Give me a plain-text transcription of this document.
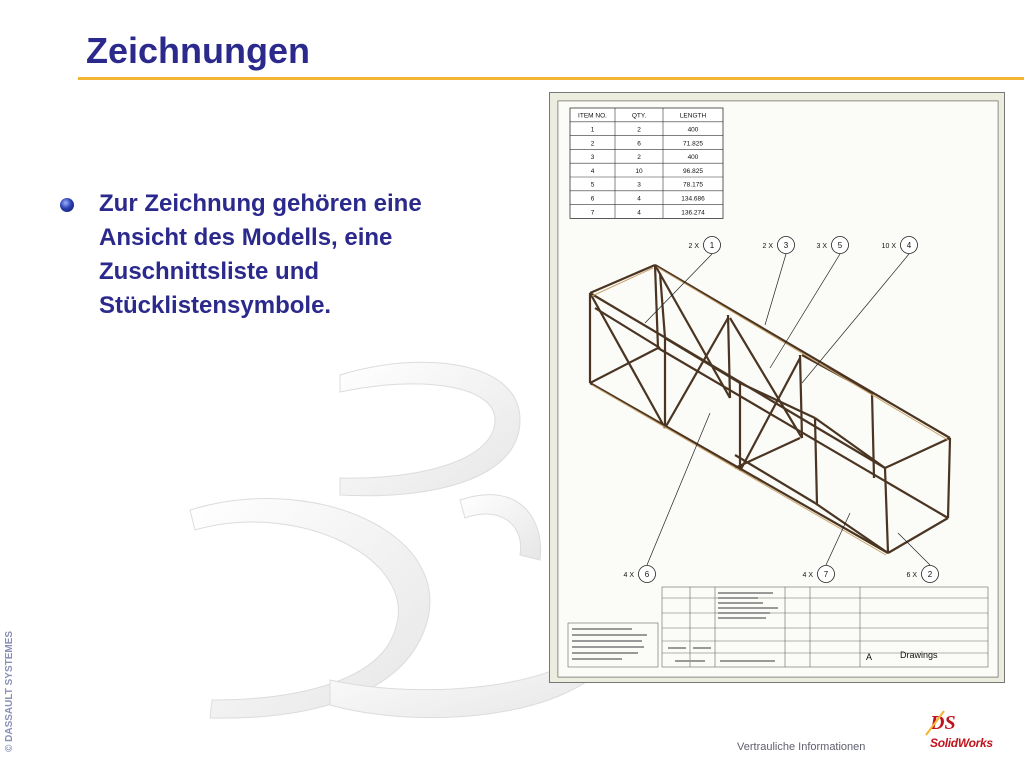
Zeichnungen
Zur Zeichnung gehören eine Ansicht des Modells, eine Zuschnittsliste und Stücklistensymbole.
ITEM NO.	QTY.	LENGTH
1	2	400
2	6	71.825
3	2	400
4	10	96.825
5	3	78.175
6	4	134.686
7	4	136.274
1
2 X	3
2 X	5
3 X	4
10 X
6
4 X	7
4 X	2
6 X
A	Drawings
© DASSAULT SYSTEMES	Vertrauliche Informationen
DS
SolidWorks
